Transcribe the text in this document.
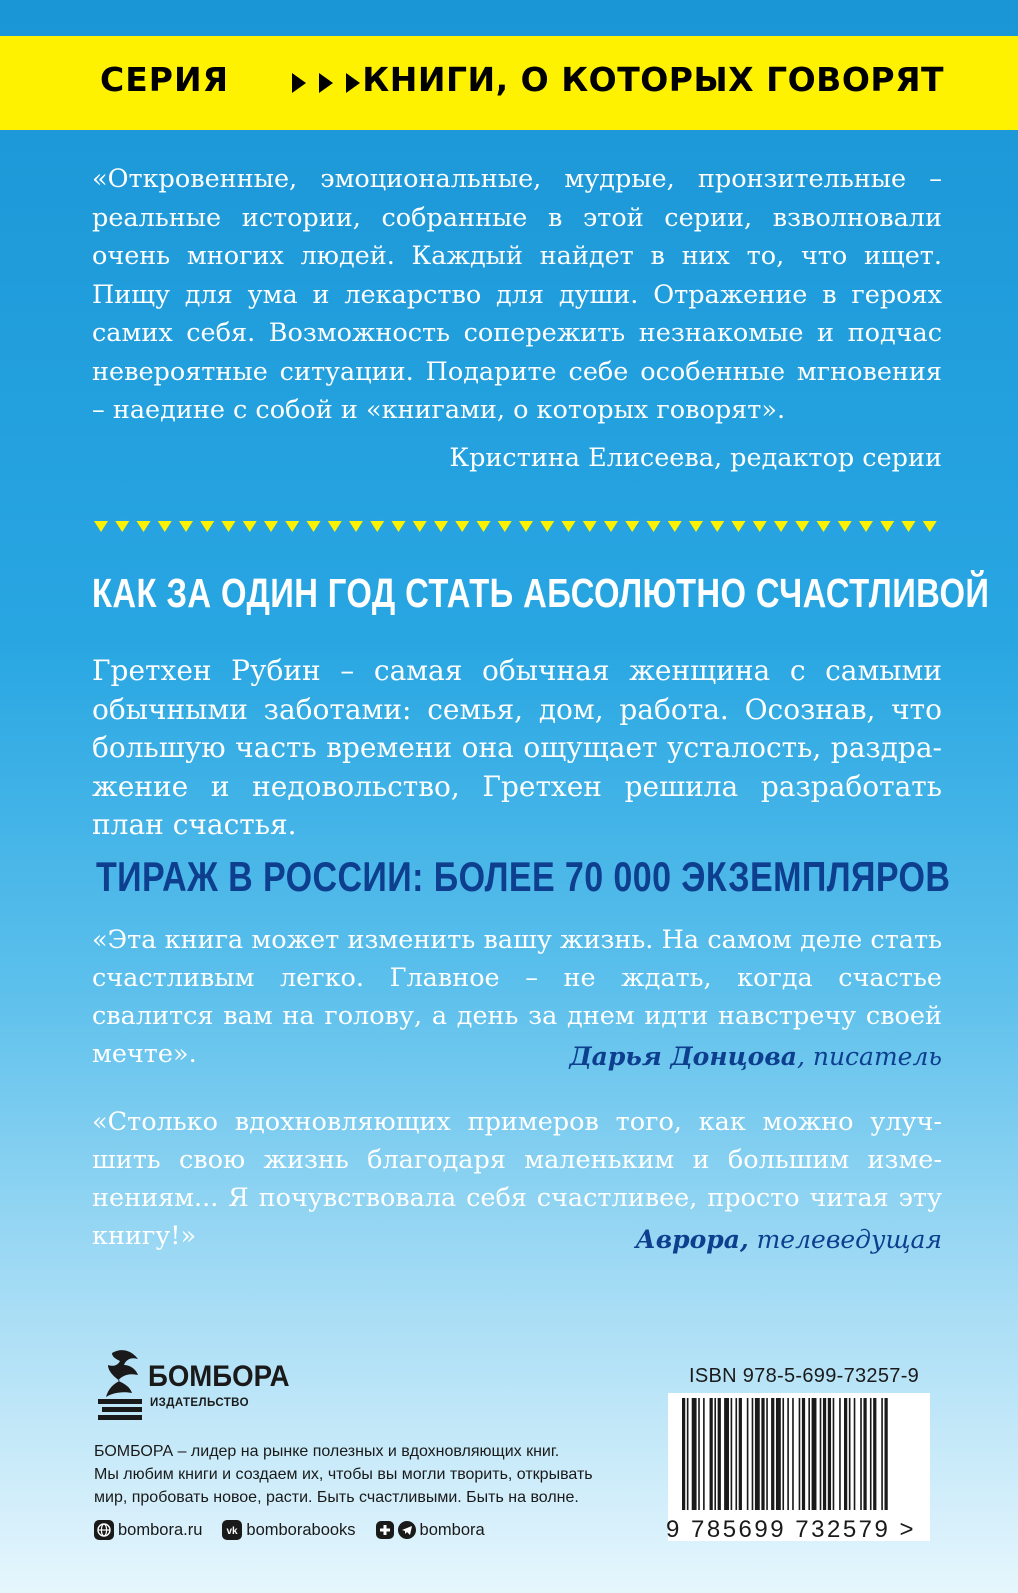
СЕРИЯ	КНИГИ, О КОТОРЫХ ГОВОРЯТ

«Откровенные, эмоциональные, мудрые, пронзительные – реальные истории, собранные в этой серии, взволновали очень многих людей. Каждый найдет в них то, что ищет. Пищу для ума и лекарство для души. Отражение в героях самих себя. Возможность сопережить незнакомые и подчас невероятные ситуации. Подарите себе особенные мгновения – наедине с собой и «книгами, о которых говорят».

Кристина Елисеева, редактор серии
КАК ЗА ОДИН ГОД СТАТЬ АБСОЛЮТНО СЧАСТЛИВОЙ
Гретхен Рубин – самая обычная женщина с самыми обычными заботами: семья, дом, работа. Осознав, что большую часть времени она ощущает усталость, раздра-жение и недовольство, Гретхен решила разработать план счастья.
ТИРАЖ В РОССИИ: БОЛЕЕ 70 000 ЭКЗЕМПЛЯРОВ
«Эта книга может изменить вашу жизнь. На самом деле стать счастливым легко. Главное – не ждать, когда счастье свалится вам на голову, а день за днем идти навстречу своей мечте».	Дарья Донцова, писатель
«Столько вдохновляющих примеров того, как можно улуч-шить свою жизнь благодаря маленьким и большим изме-нениям... Я почувствовала себя счастливее, просто читая эту книгу!»	Аврора, телеведущая
БОМБОРА
ИЗДАТЕЛЬСТВО

БОМБОРА – лидер на рынке полезных и вдохновляющих книг.

Мы любим книги и создаем их, чтобы вы могли творить, открывать

мир, пробовать новое, расти. Быть счастливыми. Быть на волне.

bombora.ru vk bomborabooks	bombora
ISBN 978-5-699-73257-9
9 785699 732579 >
